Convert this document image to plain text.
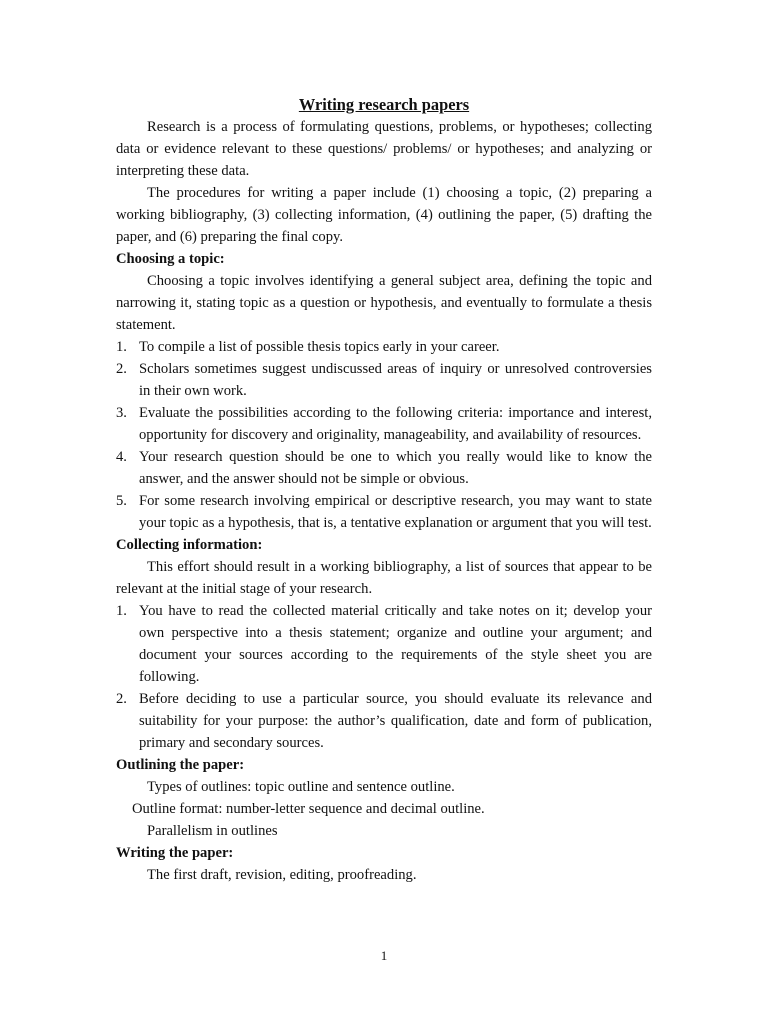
Writing research papers

Research is a process of formulating questions, problems, or hypotheses; collecting data or evidence relevant to these questions/ problems/ or hypotheses; and analyzing or interpreting these data.

The procedures for writing a paper include (1) choosing a topic, (2) preparing a working bibliography, (3) collecting information, (4) outlining the paper, (5) drafting the paper, and (6) preparing the final copy.

Choosing a topic:

Choosing a topic involves identifying a general subject area, defining the topic and narrowing it, stating topic as a question or hypothesis, and eventually to formulate a thesis statement.

1. To compile a list of possible thesis topics early in your career.
2. Scholars sometimes suggest undiscussed areas of inquiry or unresolved controversies in their own work.
3. Evaluate the possibilities according to the following criteria: importance and interest, opportunity for discovery and originality, manageability, and availability of resources.
4. Your research question should be one to which you really would like to know the answer, and the answer should not be simple or obvious.
5. For some research involving empirical or descriptive research, you may want to state your topic as a hypothesis, that is, a tentative explanation or argument that you will test.
Collecting information:

This effort should result in a working bibliography, a list of sources that appear to be relevant at the initial stage of your research.

1. You have to read the collected material critically and take notes on it; develop your own perspective into a thesis statement; organize and outline your argument; and document your sources according to the requirements of the style sheet you are following.
2. Before deciding to use a particular source, you should evaluate its relevance and suitability for your purpose: the author’s qualification, date and form of publication, primary and secondary sources.
Outlining the paper:

Types of outlines: topic outline and sentence outline.

Outline format: number-letter sequence and decimal outline.

Parallelism in outlines

Writing the paper:

The first draft, revision, editing, proofreading.

1
